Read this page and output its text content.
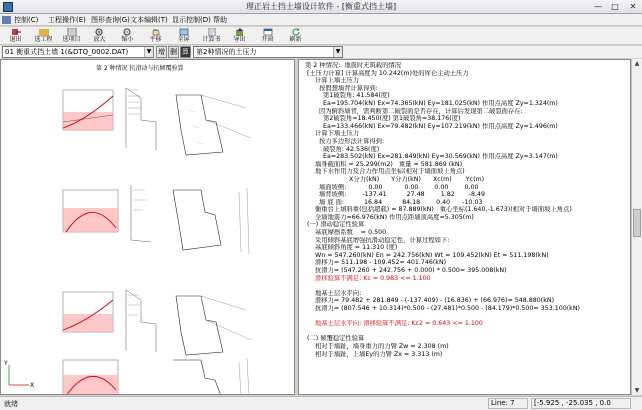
理正岩土挡土墙设计软件 - [衡重式挡土墙]	—	□	✕
控制(C) 工程操作(E) 图形查询(G) 文本编辑(T) 显示控制(D) 帮助
退出	选工程	选项目	放大	缩小	平移	全屏	计算书	导出	开窗	刷新
01 衡重式挡土墙 1(&DTQ_0002.DAT)	▼ 增 删 算	第2种情况的土压力	▼
第 2 种情况 抗滑动与抗倾覆验算
Y
X
第 2 种情况:  地震时无筑载的情况
[土压力计算] 计算高度为 10.242(m)处的库仑主动土压力
计算上墙土压力
按假想墙背计算得到:
第1破裂角: 41.584(度)
Ea=195.704(kN) Ex=74.365(kN) Ey=181.025(kN) 作用点高度 Zy=1.324(m)
因为俯斜墙背，需判断第二破裂面是否存在，计算后发现第二破裂面存在:
第2破裂角=18.450(度) 第1破裂角=38.176(度)
Ea=133.466(kN) Ex=79.482(kN) Ey=107.219(kN) 作用点高度 Zy=1.496(m)
计算下墙土压力
按力多边形法计算得到:
破裂角: 42.536(度)
Ea=283.502(kN) Ex=281.849(kN) Ey=30.569(kN) 作用点高度 Zy=3.147(m)
墙身截面积 = 25.299(m2)   重量 = 581.869 (kN)
地下水作用力及合力作用点坐标(相对于墙面坡上角点)
X分力(kN)      Y分力(kN)      Xc(m)       Yc(m)
墙面坡侧:           0.00           0.00        0.00        0.00
墙背坡侧:        -137.41          27.48        1.82       -8.49
墙 底 面:          16.84          84.18        0.40      -10.03
衡重台上填料重(包括超载) = 87.889(kN)   重心坐标(1.640,-1.673)(相对于墙面坡上角点)
全墙地震力=66.976(kN) 作用点距墙顶高度=5.305(m)
(一) 滑动稳定性验算
基底摩擦系数    = 0.500
采用倾斜基底增强抗滑动稳定性，计算过程如下:
基底倾斜角度 = 11.310 (度)
Wn = 547.260(kN) En = 242.756(kN) Wt = 109.452(kN) Et = 511.198(kN)
滑移力= 511.198 - 109.452= 401.746(kN)
抗滑力= (547.260 + 242.756 + 0.000) * 0.500= 395.008(kN)
滑移验算不满足: Kc = 0.983 <= 1.100
地基土层水平向:
滑移力= 79.482 + 281.849 - (-137.409) - (16.836) + (66.976)= 548.880(kN)
抗滑力= (807.546 + 10.314)*0.500 - (27.481)*0.500 - (84.179)*0.500= 353.100(kN)
地基土层水平向: 滑移验算不满足: Kc2 = 0.643 <= 1.100
(二) 倾覆稳定性验算
相对于墙趾，墙身重力的力臂 Zw = 2.308 (m)
相对于墙趾，上墙Ey的力臂 Zx = 3.313 (m)
▲
▼
就绪	Line: 7	[-5.925 , -25.035 , 0.0
